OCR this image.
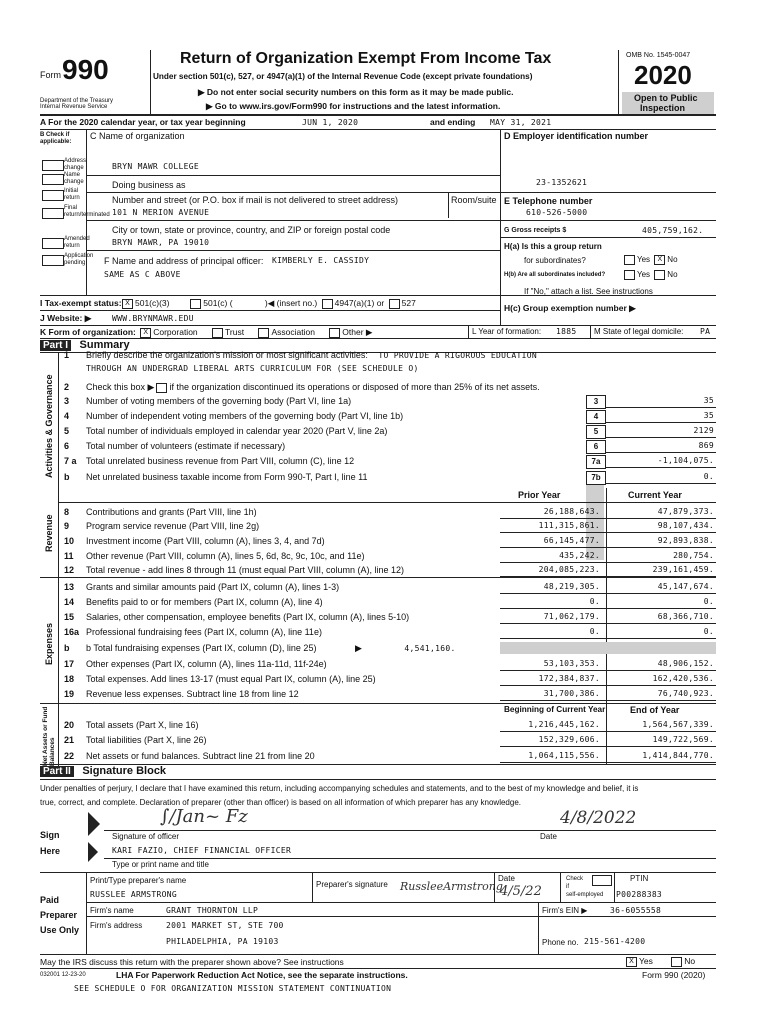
Form 990
Department of the Treasury
Internal Revenue Service
Return of Organization Exempt From Income Tax
Under section 501(c), 527, or 4947(a)(1) of the Internal Revenue Code (except private foundations)
▶ Do not enter social security numbers on this form as it may be made public.
▶ Go to www.irs.gov/Form990 for instructions and the latest information.
OMB No. 1545-0047
2020
Open to Public
Inspection
A For the 2020 calendar year, or tax year beginning	JUN 1, 2020	and ending MAY 31, 2021
B Check if applicable:
Address change
Name change
Initial return
Final return/terminated
Amended return
Application pending
C Name of organization
BRYN MAWR COLLEGE
Doing business as
Number and street (or P.O. box if mail is not delivered to street address)	Room/suite
101 N MERION AVENUE
City or town, state or province, country, and ZIP or foreign postal code
BRYN MAWR, PA 19010
F Name and address of principal officer: KIMBERLY E. CASSIDY
SAME AS C ABOVE
D Employer identification number
23-1352621
E Telephone number
610-526-5000
G Gross receipts $	405,759,162.
H(a) Is this a group return
for subordinates?	Yes X No
H(b) Are all subordinates included?	Yes No
If "No," attach a list. See instructions
I Tax-exempt status: X 501(c)(3)	501(c) (	)◀ (insert no.) 4947(a)(1) or 527	H(c) Group exemption number ▶
J Website: ▶	WWW.BRYNMAWR.EDU
K Form of organization: X Corporation	Trust	Association	Other ▶	L Year of formation: 1885 M State of legal domicile: PA
Part I Summary
Activities & Governance
Revenue
Expenses
Net Assets or Fund Balances
1 Briefly describe the organization's mission or most significant activities: TO PROVIDE A RIGOROUS EDUCATION
THROUGH AN UNDERGRAD LIBERAL ARTS CURRICULUM FOR (SEE SCHEDULE O)
2 Check this box ▶ if the organization discontinued its operations or disposed of more than 25% of its net assets.
3 Number of voting members of the governing body (Part VI, line 1a)	3	35
4 Number of independent voting members of the governing body (Part VI, line 1b)	4	35
5 Total number of individuals employed in calendar year 2020 (Part V, line 2a)	5	2129
6 Total number of volunteers (estimate if necessary)	6	869
7 a Total unrelated business revenue from Part VIII, column (C), line 12	7a	-1,104,075.
b Net unrelated business taxable income from Form 990-T, Part I, line 11	7b	0.
Prior Year	Current Year
8 Contributions and grants (Part VIII, line 1h)	26,188,643.	47,879,373.
9 Program service revenue (Part VIII, line 2g)	111,315,861.	98,107,434.
10 Investment income (Part VIII, column (A), lines 3, 4, and 7d)	66,145,477.	92,893,838.
11 Other revenue (Part VIII, column (A), lines 5, 6d, 8c, 9c, 10c, and 11e)	435,242.	280,754.
12 Total revenue - add lines 8 through 11 (must equal Part VIII, column (A), line 12)	204,085,223.	239,161,459.
13 Grants and similar amounts paid (Part IX, column (A), lines 1-3)	48,219,305.	45,147,674.
14 Benefits paid to or for members (Part IX, column (A), line 4)	0.	0.
15 Salaries, other compensation, employee benefits (Part IX, column (A), lines 5-10)	71,062,179.	68,366,710.
16a Professional fundraising fees (Part IX, column (A), line 11e)	0.	0.
b b Total fundraising expenses (Part IX, column (D), line 25)	▶	4,541,160.
17 Other expenses (Part IX, column (A), lines 11a-11d, 11f-24e)	53,103,353.	48,906,152.
18 Total expenses. Add lines 13-17 (must equal Part IX, column (A), line 25)	172,384,837.	162,420,536.
19 Revenue less expenses. Subtract line 18 from line 12	31,700,386.	76,740,923.
Beginning of Current Year	End of Year
20 Total assets (Part X, line 16)	1,216,445,162.	1,564,567,339.
21 Total liabilities (Part X, line 26)	152,329,606.	149,722,569.
22 Net assets or fund balances. Subtract line 21 from line 20	1,064,115,556.	1,414,844,770.
Part II Signature Block
Under penalties of perjury, I declare that I have examined this return, including accompanying schedules and statements, and to the best of my knowledge and belief, it is
true, correct, and complete. Declaration of preparer (other than officer) is based on all information of which preparer has any knowledge.
Sign
Here
∫/Jan~ Fz
Signature of officer
4/8/2022
Date
KARI FAZIO, CHIEF FINANCIAL OFFICER
Type or print name and title
Paid
Preparer
Use Only
Print/Type preparer's name
RUSSLEE ARMSTRONG
Preparer's signature RussleeArmstrong
Date
4/5/22
Check
if
self-employed
PTIN
P00288383
Firm's name	GRANT THORNTON LLP	Firm's EIN ▶	36-6055558
Firm's address	2001 MARKET ST, STE 700
PHILADELPHIA, PA 19103	Phone no. 215-561-4200
May the IRS discuss this return with the preparer shown above? See instructions	X Yes	No
032001 12-23-20	LHA For Paperwork Reduction Act Notice, see the separate instructions.	Form 990 (2020)
SEE SCHEDULE O FOR ORGANIZATION MISSION STATEMENT CONTINUATION
